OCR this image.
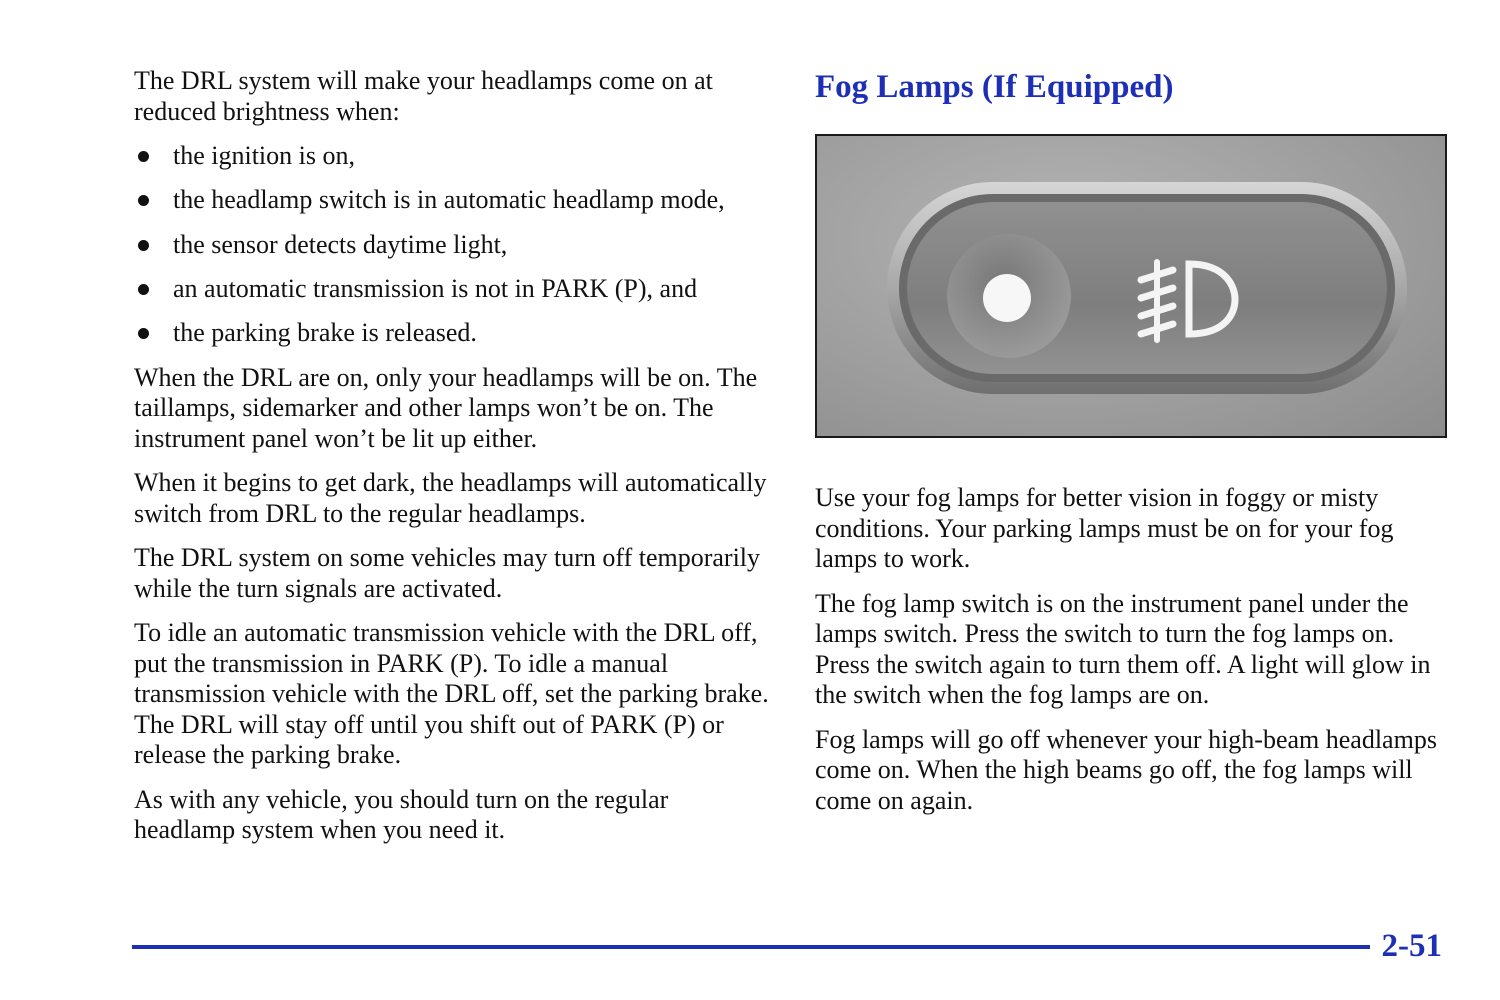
The DRL system will make your headlamps come on at reduced brightness when:

the ignition is on,
the headlamp switch is in automatic headlamp mode,
the sensor detects daytime light,
an automatic transmission is not in PARK (P), and
the parking brake is released.

When the DRL are on, only your headlamps will be on. The taillamps, sidemarker and other lamps won’t be on. The instrument panel won’t be lit up either.

When it begins to get dark, the headlamps will automatically switch from DRL to the regular headlamps.

The DRL system on some vehicles may turn off temporarily while the turn signals are activated.

To idle an automatic transmission vehicle with the DRL off, put the transmission in PARK (P). To idle a manual transmission vehicle with the DRL off, set the parking brake. The DRL will stay off until you shift out of PARK (P) or release the parking brake.

As with any vehicle, you should turn on the regular headlamp system when you need it.

Fog Lamps (If Equipped)

Use your fog lamps for better vision in foggy or misty conditions. Your parking lamps must be on for your fog lamps to work.

The fog lamp switch is on the instrument panel under the lamps switch. Press the switch to turn the fog lamps on. Press the switch again to turn them off. A light will glow in the switch when the fog lamps are on.

Fog lamps will go off whenever your high-beam headlamps come on. When the high beams go off, the fog lamps will come on again.

2-51
